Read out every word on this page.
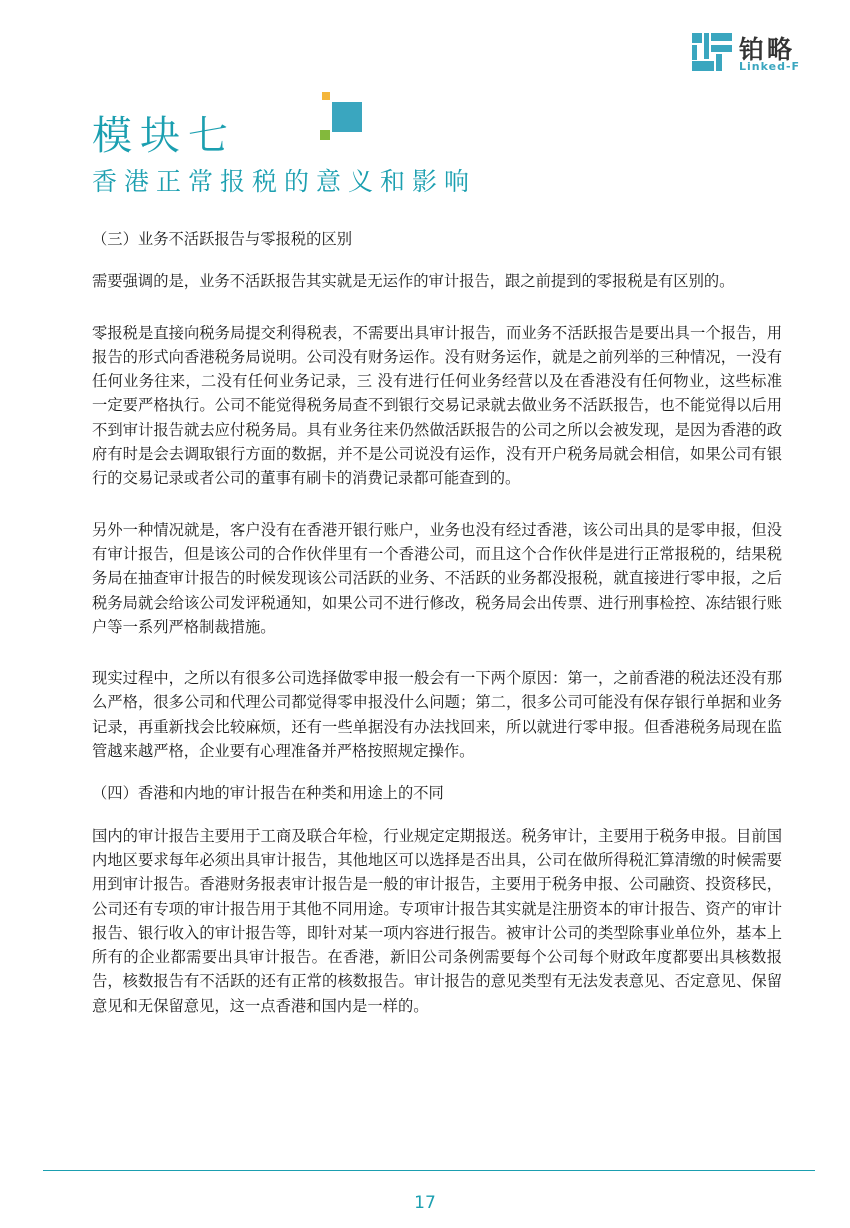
铂略
Linked-F
模块七
香港正常报税的意义和影响

（三）业务不活跃报告与零报税的区别

需要强调的是，业务不活跃报告其实就是无运作的审计报告，跟之前提到的零报税是有区别的。

零报税是直接向税务局提交利得税表，不需要出具审计报告，而业务不活跃报告是要出具一个报告，用报告的形式向香港税务局说明。公司没有财务运作。没有财务运作，就是之前列举的三种情况，一没有任何业务往来，二没有任何业务记录，三 没有进行任何业务经营以及在香港没有任何物业，这些标准一定要严格执行。公司不能觉得税务局查不到银行交易记录就去做业务不活跃报告，也不能觉得以后用不到审计报告就去应付税务局。具有业务往来仍然做活跃报告的公司之所以会被发现，是因为香港的政府有时是会去调取银行方面的数据，并不是公司说没有运作，没有开户税务局就会相信，如果公司有银行的交易记录或者公司的董事有刷卡的消费记录都可能查到的。

另外一种情况就是，客户没有在香港开银行账户，业务也没有经过香港，该公司出具的是零申报，但没有审计报告，但是该公司的合作伙伴里有一个香港公司，而且这个合作伙伴是进行正常报税的，结果税务局在抽查审计报告的时候发现该公司活跃的业务、不活跃的业务都没报税，就直接进行零申报，之后税务局就会给该公司发评税通知，如果公司不进行修改，税务局会出传票、进行刑事检控、冻结银行账户等一系列严格制裁措施。

现实过程中，之所以有很多公司选择做零申报一般会有一下两个原因：第一，之前香港的税法还没有那么严格，很多公司和代理公司都觉得零申报没什么问题；第二，很多公司可能没有保存银行单据和业务记录，再重新找会比较麻烦，还有一些单据没有办法找回来，所以就进行零申报。但香港税务局现在监管越来越严格，企业要有心理准备并严格按照规定操作。

（四）香港和内地的审计报告在种类和用途上的不同

国内的审计报告主要用于工商及联合年检，行业规定定期报送。税务审计，主要用于税务申报。目前国内地区要求每年必须出具审计报告，其他地区可以选择是否出具，公司在做所得税汇算清缴的时候需要用到审计报告。香港财务报表审计报告是一般的审计报告，主要用于税务申报、公司融资、投资移民，公司还有专项的审计报告用于其他不同用途。专项审计报告其实就是注册资本的审计报告、资产的审计报告、银行收入的审计报告等，即针对某一项内容进行报告。被审计公司的类型除事业单位外，基本上所有的企业都需要出具审计报告。在香港，新旧公司条例需要每个公司每个财政年度都要出具核数报告，核数报告有不活跃的还有正常的核数报告。审计报告的意见类型有无法发表意见、否定意见、保留意见和无保留意见，这一点香港和国内是一样的。

17
